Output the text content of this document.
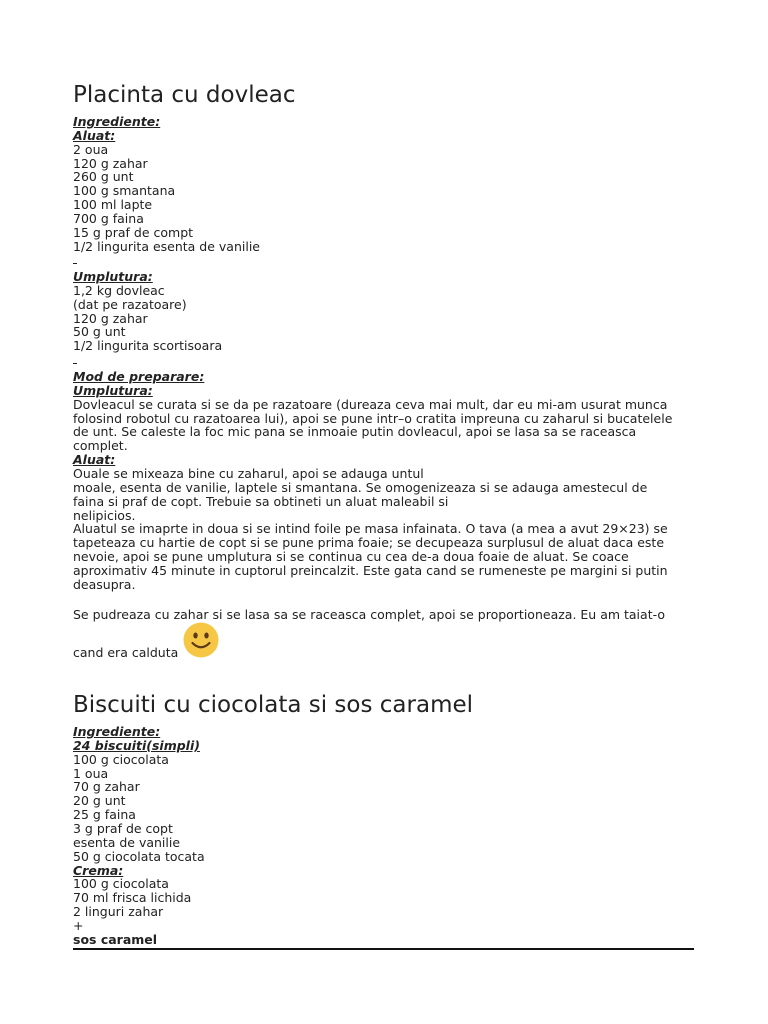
Placinta cu dovleac
Ingrediente:
Aluat:
2 oua
120 g zahar
260 g unt
100 g smantana
100 ml lapte
700 g faina
15 g praf de compt
1/2 lingurita esenta de vanilie
Umplutura:
1,2 kg dovleac
(dat pe razatoare)
120 g zahar
50 g unt
1/2 lingurita scortisoara
Mod de preparare:
Umplutura:
Dovleacul se curata si se da pe razatoare (dureaza ceva mai mult, dar eu mi-am usurat munca
folosind robotul cu razatoarea lui), apoi se pune intr–o cratita impreuna cu zaharul si bucatelele
de unt. Se caleste la foc mic pana se inmoaie putin dovleacul, apoi se lasa sa se raceasca
complet.
Aluat:
Ouale se mixeaza bine cu zaharul, apoi se adauga untul
moale, esenta de vanilie, laptele si smantana. Se omogenizeaza si se adauga amestecul de
faina si praf de copt. Trebuie sa obtineti un aluat maleabil si
nelipicios.
Aluatul se imaprte in doua si se intind foile pe masa infainata. O tava (a mea a avut 29×23) se
tapeteaza cu hartie de copt si se pune prima foaie; se decupeaza surplusul de aluat daca este
nevoie, apoi se pune umplutura si se continua cu cea de-a doua foaie de aluat. Se coace
aproximativ 45 minute in cuptorul preincalzit. Este gata cand se rumeneste pe margini si putin
deasupra.
Se pudreaza cu zahar si se lasa sa se raceasca complet, apoi se proportioneaza. Eu am taiat-o
cand era calduta
Biscuiti cu ciocolata si sos caramel
Ingrediente:
24 biscuiti(simpli)
100 g ciocolata
1 oua
70 g zahar
20 g unt
25 g faina
3 g praf de copt
esenta de vanilie
50 g ciocolata tocata
Crema:
100 g ciocolata
70 ml frisca lichida
2 linguri zahar
+
sos caramel
